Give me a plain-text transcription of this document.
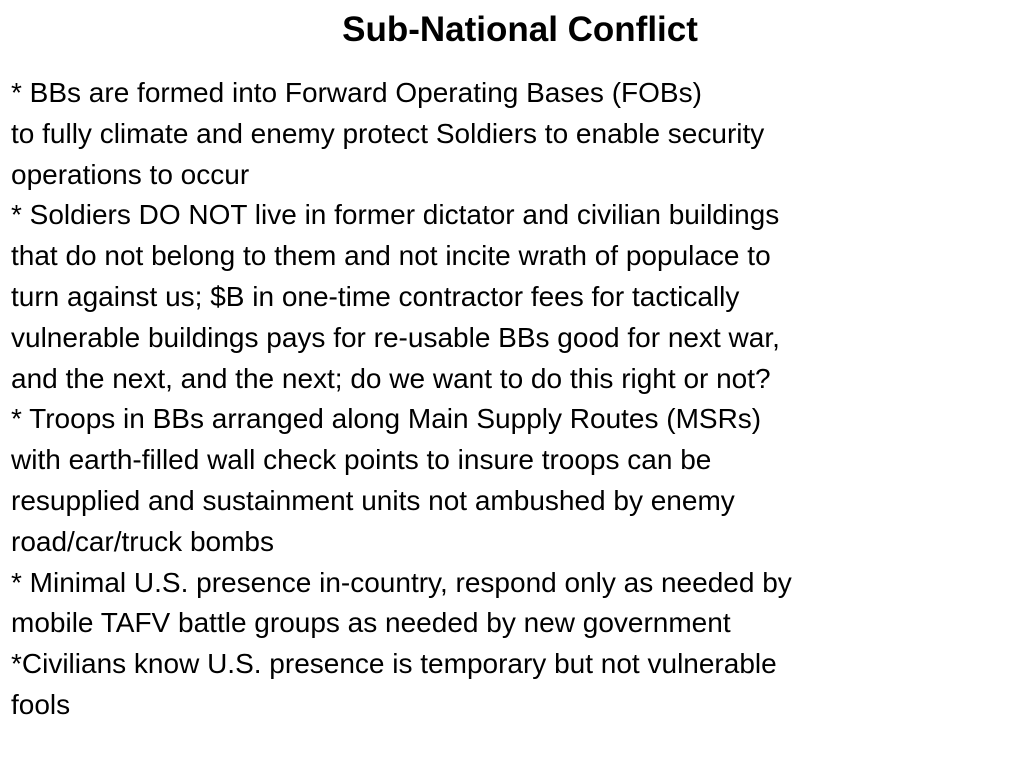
Sub-National Conflict
* BBs are formed into Forward Operating Bases (FOBs)
to fully climate and enemy protect Soldiers to enable security
operations to occur
* Soldiers DO NOT live in former dictator and civilian buildings
that do not belong to them and not incite wrath of populace to
turn against us; $B in one-time contractor fees for tactically
vulnerable buildings pays for re-usable BBs good for next war,
and the next, and the next; do we want to do this right or not?
* Troops in BBs arranged along Main Supply Routes (MSRs)
with earth-filled wall check points to insure troops can be
resupplied and sustainment units not ambushed by enemy
road/car/truck bombs
* Minimal U.S. presence in-country, respond only as needed by
mobile TAFV battle groups as needed by new government
*Civilians know U.S. presence is temporary but not vulnerable
fools
